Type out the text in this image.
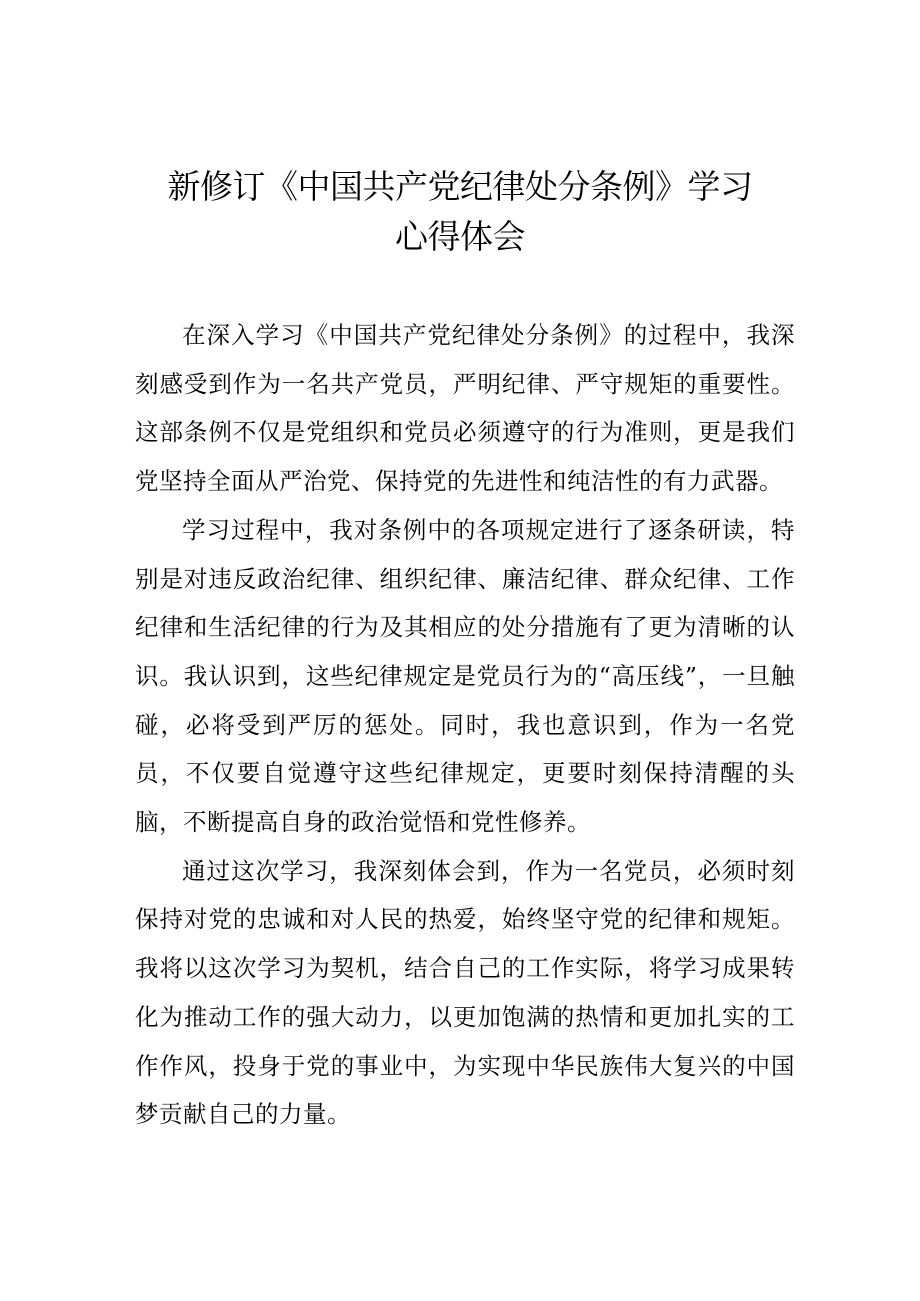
新修订《中国共产党纪律处分条例》学习
心得体会

在深入学习《中国共产党纪律处分条例》的过程中，我深刻感受到作为一名共产党员，严明纪律、严守规矩的重要性。这部条例不仅是党组织和党员必须遵守的行为准则，更是我们党坚持全面从严治党、保持党的先进性和纯洁性的有力武器。

学习过程中，我对条例中的各项规定进行了逐条研读，特别是对违反政治纪律、组织纪律、廉洁纪律、群众纪律、工作纪律和生活纪律的行为及其相应的处分措施有了更为清晰的认识。我认识到，这些纪律规定是党员行为的“高压线”，一旦触碰，必将受到严厉的惩处。同时，我也意识到，作为一名党员，不仅要自觉遵守这些纪律规定，更要时刻保持清醒的头脑，不断提高自身的政治觉悟和党性修养。

通过这次学习，我深刻体会到，作为一名党员，必须时刻保持对党的忠诚和对人民的热爱，始终坚守党的纪律和规矩。我将以这次学习为契机，结合自己的工作实际，将学习成果转化为推动工作的强大动力，以更加饱满的热情和更加扎实的工作作风，投身于党的事业中，为实现中华民族伟大复兴的中国梦贡献自己的力量。
